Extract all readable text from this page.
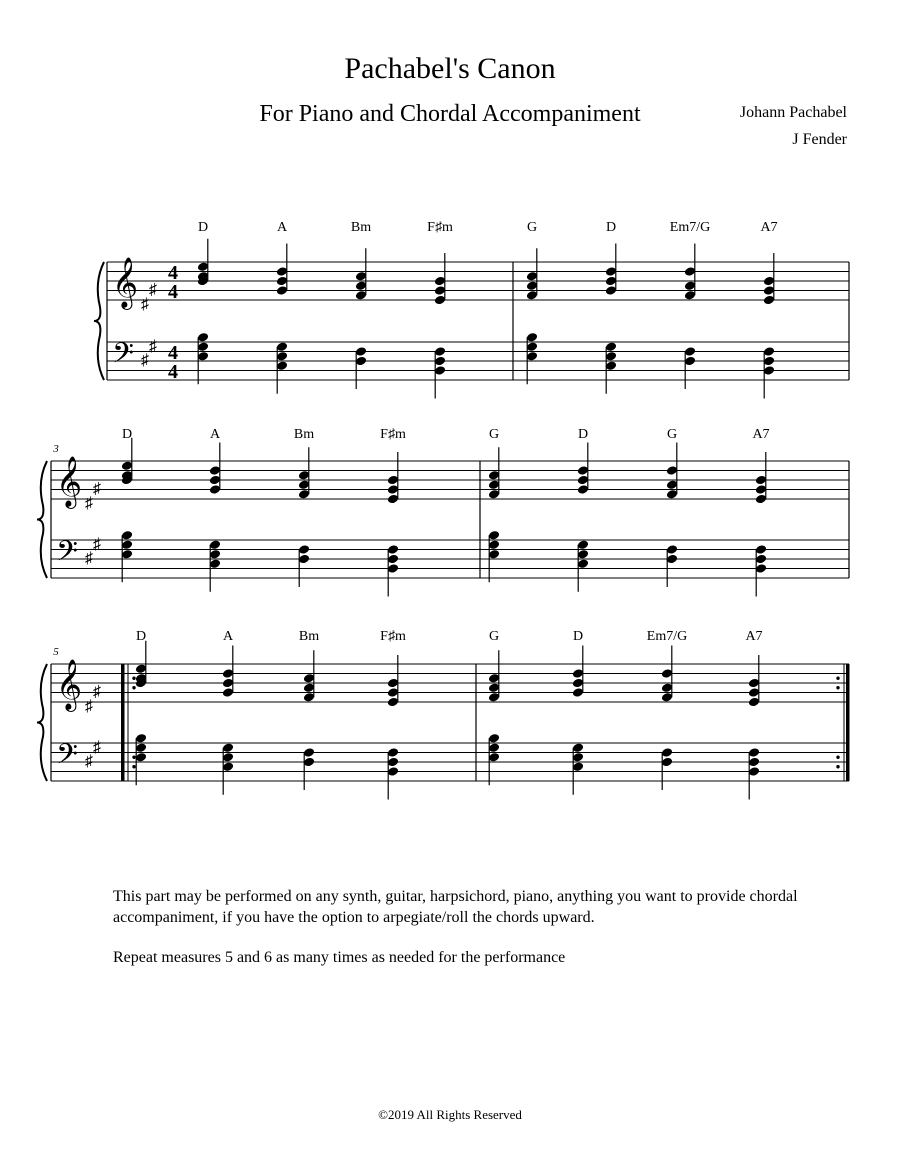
Pachabel's Canon
For Piano and Chordal Accompaniment	Johann Pachabel
J Fender
𝄞
𝄢
♯
♯
♯
♯
4
4
4
4
D	A	Bm	F♯m	G	D	Em7/G	A7
𝄞
𝄢
♯
♯
♯
♯
3
D	A	Bm	F♯m	G	D	G	A7
𝄞
𝄢
♯
♯
♯
♯
5
D	A	Bm	F♯m	G	D	Em7/G	A7

This part may be performed on any synth, guitar, harpsichord, piano, anything you want to provide chordal accompaniment, if you have the option to arpegiate/roll the chords upward.

Repeat measures 5 and 6 as many times as needed for the performance

©2019 All Rights Reserved
